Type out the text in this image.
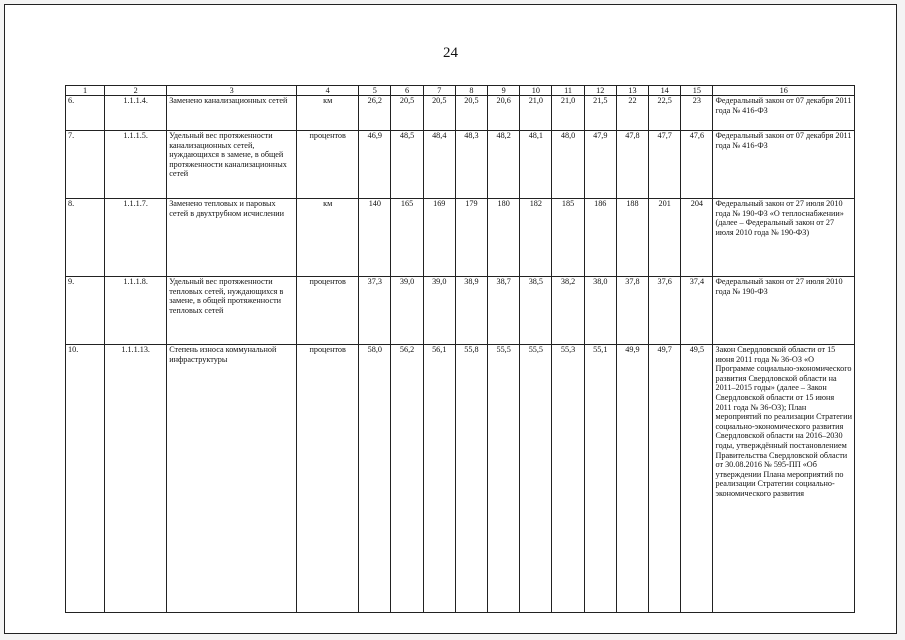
24
1	2	3	4	5	6	7	8	9	10	11	12	13	14	15	16
6.	1.1.1.4.	Заменено канализационных сетей	км	26,2	20,5	20,5	20,5	20,6	21,0	21,0	21,5	22	22,5	23	Федеральный закон от 07 декабря 2011 года № 416-ФЗ
7.	1.1.1.5.	Удельный вес протяженности канализационных сетей, нуждающихся в замене, в общей протяженности канализационных сетей	процентов	46,9	48,5	48,4	48,3	48,2	48,1	48,0	47,9	47,8	47,7	47,6	Федеральный закон от 07 декабря 2011 года № 416-ФЗ
8.	1.1.1.7.	Заменено тепловых и паровых сетей в двухтрубном исчислении	км	140	165	169	179	180	182	185	186	188	201	204	Федеральный закон от 27 июля 2010 года № 190-ФЗ «О теплоснабжении» (далее – Федеральный закон от 27 июля 2010 года № 190-ФЗ)
9.	1.1.1.8.	Удельный вес протяженности тепловых сетей, нуждающихся в замене, в общей протяженности тепловых сетей	процентов	37,3	39,0	39,0	38,9	38,7	38,5	38,2	38,0	37,8	37,6	37,4	Федеральный закон от 27 июля 2010 года № 190-ФЗ
10.	1.1.1.13.	Степень износа коммунальной инфраструктуры	процентов	58,0	56,2	56,1	55,8	55,5	55,5	55,3	55,1	49,9	49,7	49,5	Закон Свердловской области от 15 июня 2011 года № 36-ОЗ «О Программе социально-экономического развития Свердловской области на 2011–2015 годы» (далее – Закон Свердловской области от 15 июня 2011 года № 36-ОЗ); План мероприятий по реализации Стратегии социально-экономического развития Свердловской области на 2016–2030 годы, утверждённый постановлением Правительства Свердловской области от 30.08.2016 № 595-ПП «Об утверждении Плана мероприятий по реализации Стратегии социально-экономического развития
